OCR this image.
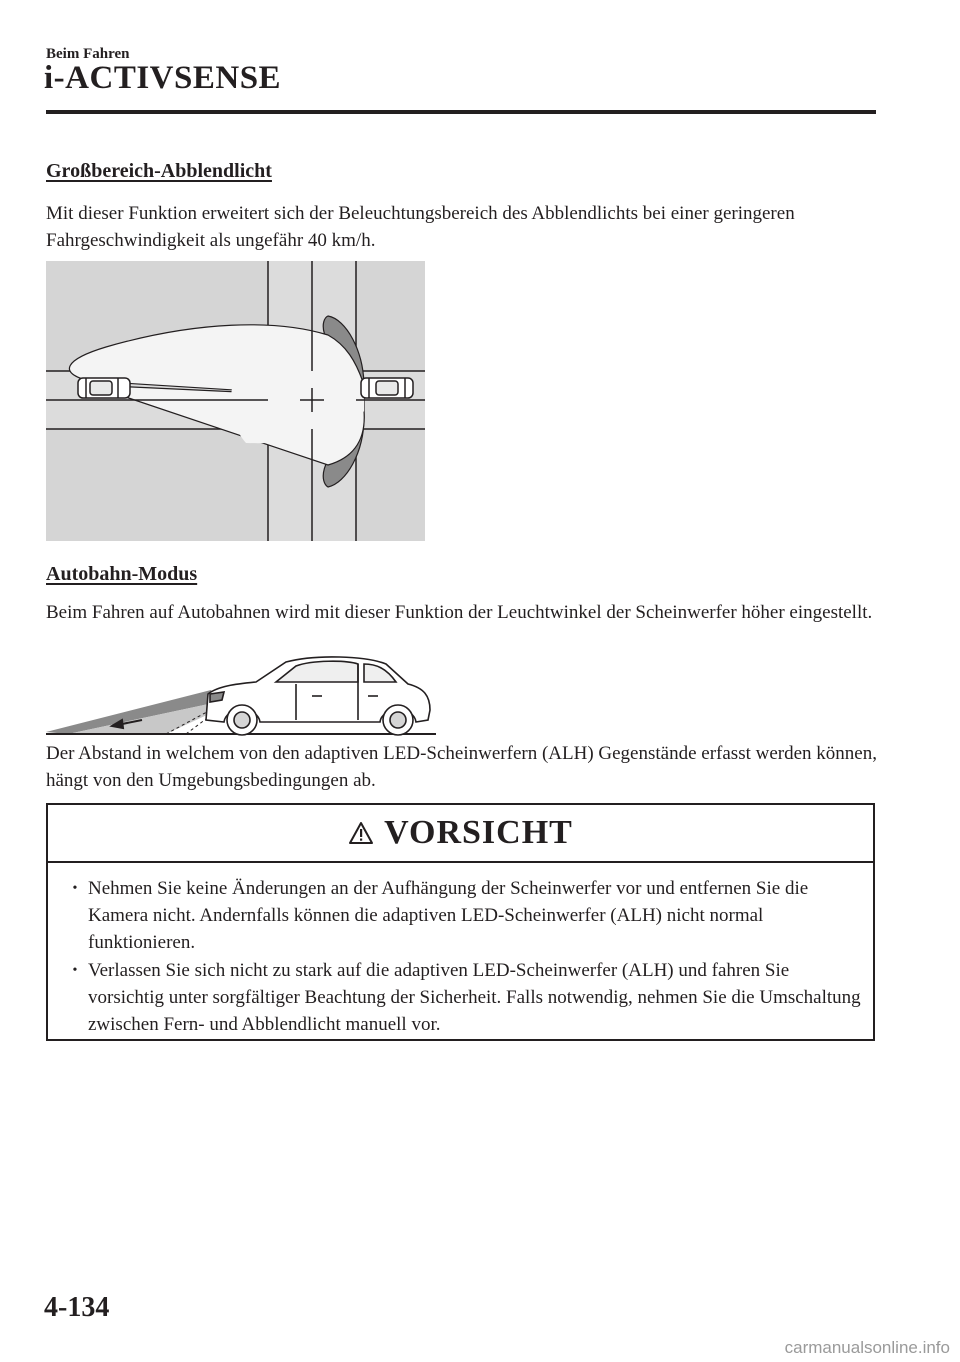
Beim Fahren
i-ACTIVSENSE
Großbereich-Abblendlicht
Mit dieser Funktion erweitert sich der Beleuchtungsbereich des Abblendlichts bei einer geringeren Fahrgeschwindigkeit als ungefähr 40 km/h.
Autobahn-Modus
Beim Fahren auf Autobahnen wird mit dieser Funktion der Leuchtwinkel der Scheinwerfer höher eingestellt.
Der Abstand in welchem von den adaptiven LED-Scheinwerfern (ALH) Gegenstände erfasst werden können, hängt von den Umgebungsbedingungen ab.
VORSICHT
• Nehmen Sie keine Änderungen an der Aufhängung der Scheinwerfer vor und entfernen Sie die Kamera nicht. Andernfalls können die adaptiven LED-Scheinwerfer (ALH) nicht normal funktionieren.
• Verlassen Sie sich nicht zu stark auf die adaptiven LED-Scheinwerfer (ALH) und fahren Sie vorsichtig unter sorgfältiger Beachtung der Sicherheit. Falls notwendig, nehmen Sie die Umschaltung zwischen Fern- und Abblendlicht manuell vor.
4-134
carmanualsonline.info
